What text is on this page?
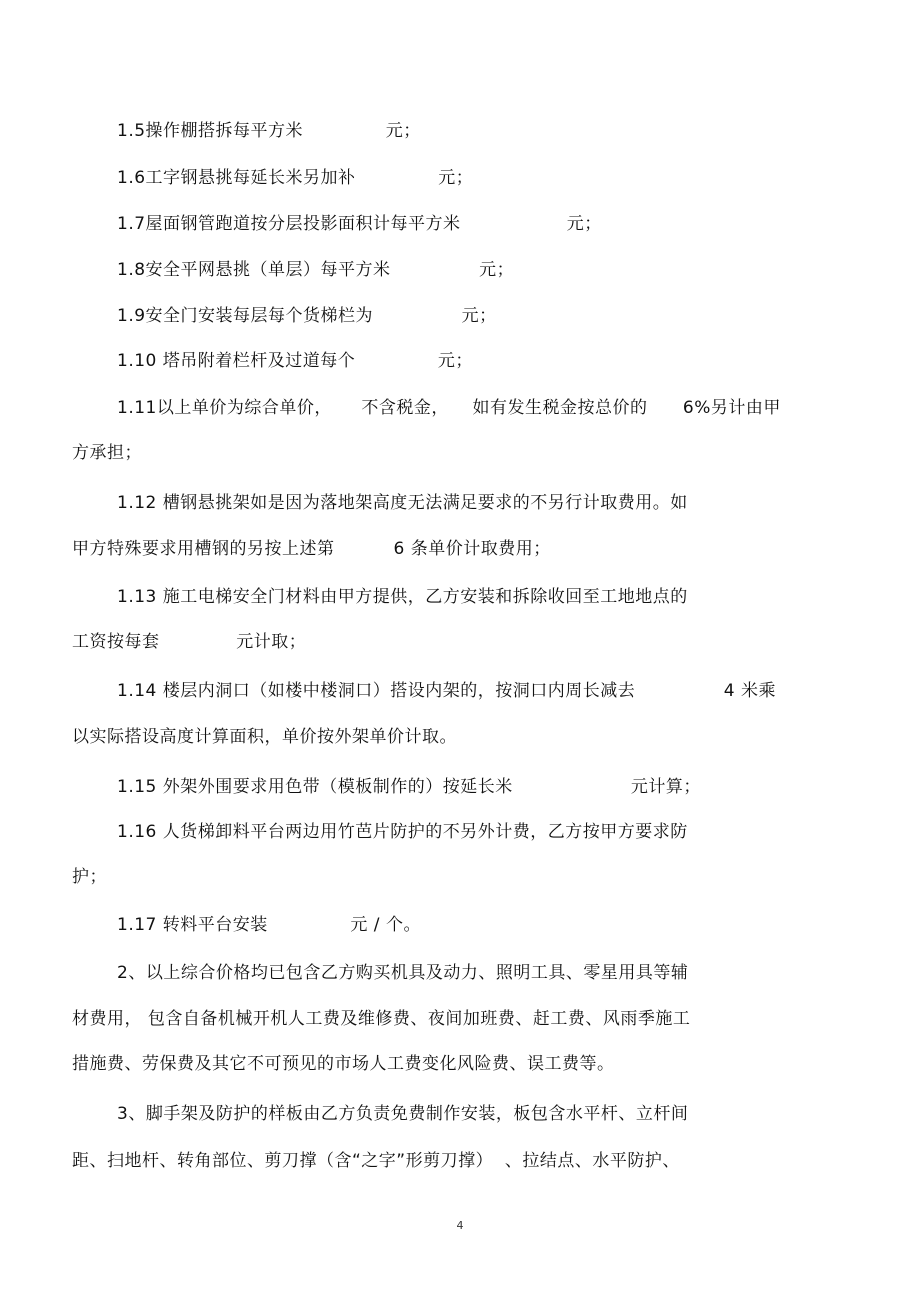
1.5操作棚搭拆每平方米              元；
1.6工字钢悬挑每延长米另加补              元；
1.7屋面钢管跑道按分层投影面积计每平方米                  元；
1.8安全平网悬挑（单层）每平方米               元；
1.9安全门安装每层每个货梯栏为               元；
1.10 塔吊附着栏杆及过道每个              元；
1.11以上单价为综合单价，     不含税金，    如有发生税金按总价的      6%另计由甲
方承担；
1.12 槽钢悬挑架如是因为落地架高度无法满足要求的不另行计取费用。如
甲方特殊要求用槽钢的另按上述第          6 条单价计取费用；
1.13 施工电梯安全门材料由甲方提供，乙方安装和拆除收回至工地地点的
工资按每套             元计取；
1.14 楼层内洞口（如楼中楼洞口）搭设内架的，按洞口内周长减去               4 米乘
以实际搭设高度计算面积，单价按外架单价计取。
1.15 外架外围要求用色带（模板制作的）按延长米                    元计算；
1.16 人货梯卸料平台两边用竹芭片防护的不另外计费，乙方按甲方要求防
护；
1.17 转料平台安装              元 / 个。
2、以上综合价格均已包含乙方购买机具及动力、照明工具、零星用具等辅
材费用， 包含自备机械开机人工费及维修费、夜间加班费、赶工费、风雨季施工
措施费、劳保费及其它不可预见的市场人工费变化风险费、误工费等。
3、脚手架及防护的样板由乙方负责免费制作安装，板包含水平杆、立杆间
距、扫地杆、转角部位、剪刀撑（含“之字”形剪刀撑）  、拉结点、水平防护、
4
